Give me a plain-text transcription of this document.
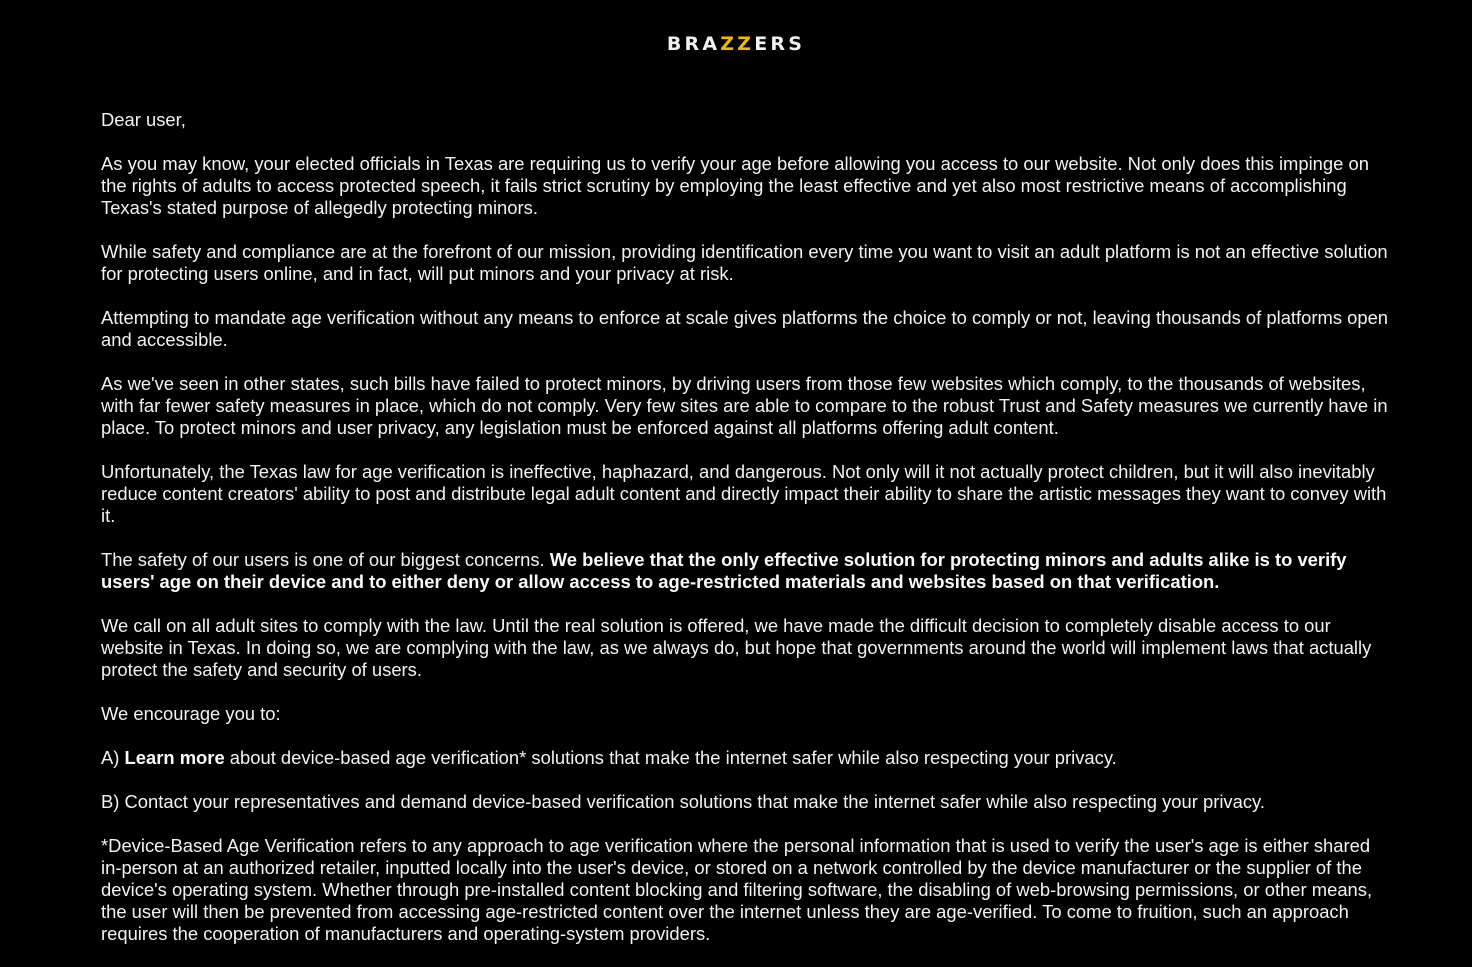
BRAZZERS

Dear user,

As you may know, your elected officials in Texas are requiring us to verify your age before allowing you access to our website. Not only does this impinge on the rights of adults to access protected speech, it fails strict scrutiny by employing the least effective and yet also most restrictive means of accomplishing Texas's stated purpose of allegedly protecting minors.

While safety and compliance are at the forefront of our mission, providing identification every time you want to visit an adult platform is not an effective solution for protecting users online, and in fact, will put minors and your privacy at risk.

Attempting to mandate age verification without any means to enforce at scale gives platforms the choice to comply or not, leaving thousands of platforms open and accessible.

As we've seen in other states, such bills have failed to protect minors, by driving users from those few websites which comply, to the thousands of websites, with far fewer safety measures in place, which do not comply. Very few sites are able to compare to the robust Trust and Safety measures we currently have in place. To protect minors and user privacy, any legislation must be enforced against all platforms offering adult content.

Unfortunately, the Texas law for age verification is ineffective, haphazard, and dangerous. Not only will it not actually protect children, but it will also inevitably reduce content creators' ability to post and distribute legal adult content and directly impact their ability to share the artistic messages they want to convey with it.

The safety of our users is one of our biggest concerns. We believe that the only effective solution for protecting minors and adults alike is to verify users' age on their device and to either deny or allow access to age-restricted materials and websites based on that verification.

We call on all adult sites to comply with the law. Until the real solution is offered, we have made the difficult decision to completely disable access to our website in Texas. In doing so, we are complying with the law, as we always do, but hope that governments around the world will implement laws that actually protect the safety and security of users.

We encourage you to:

A) Learn more about device-based age verification* solutions that make the internet safer while also respecting your privacy.

B) Contact your representatives and demand device-based verification solutions that make the internet safer while also respecting your privacy.

*Device-Based Age Verification refers to any approach to age verification where the personal information that is used to verify the user's age is either shared in-person at an authorized retailer, inputted locally into the user's device, or stored on a network controlled by the device manufacturer or the supplier of the device's operating system. Whether through pre-installed content blocking and filtering software, the disabling of web-browsing permissions, or other means, the user will then be prevented from accessing age-restricted content over the internet unless they are age-verified. To come to fruition, such an approach requires the cooperation of manufacturers and operating-system providers.
